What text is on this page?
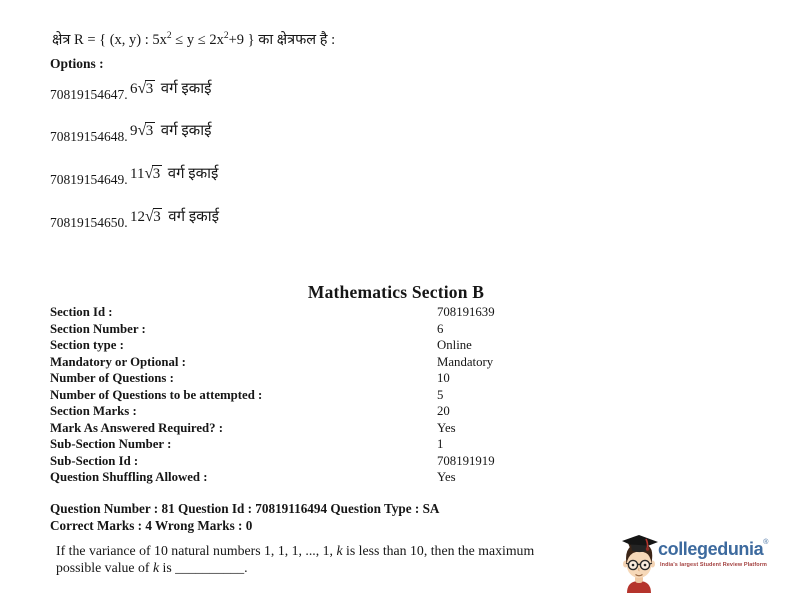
क्षेत्र R = { (x, y) : $5x^2 \le y \le 2x^2+9$ } का क्षेत्रफल है :
Options :
70819154647. 6√3 वर्ग इकाई
70819154648. 9√3 वर्ग इकाई
70819154649. 11√3 वर्ग इकाई
70819154650. 12√3 वर्ग इकाई
Mathematics Section B
Section Id :	708191639
Section Number :	6
Section type :	Online
Mandatory or Optional :	Mandatory
Number of Questions :	10
Number of Questions to be attempted :	5
Section Marks :	20
Mark As Answered Required? :	Yes
Sub-Section Number :	1
Sub-Section Id :	708191919
Question Shuffling Allowed :	Yes
Question Number : 81 Question Id : 70819116494 Question Type : SA
Correct Marks : 4 Wrong Marks : 0
If the variance of 10 natural numbers 1, 1, 1, ..., 1, k is less than 10, then the maximum
possible value of k is __________.
collegedunia®
India's largest Student Review Platform
